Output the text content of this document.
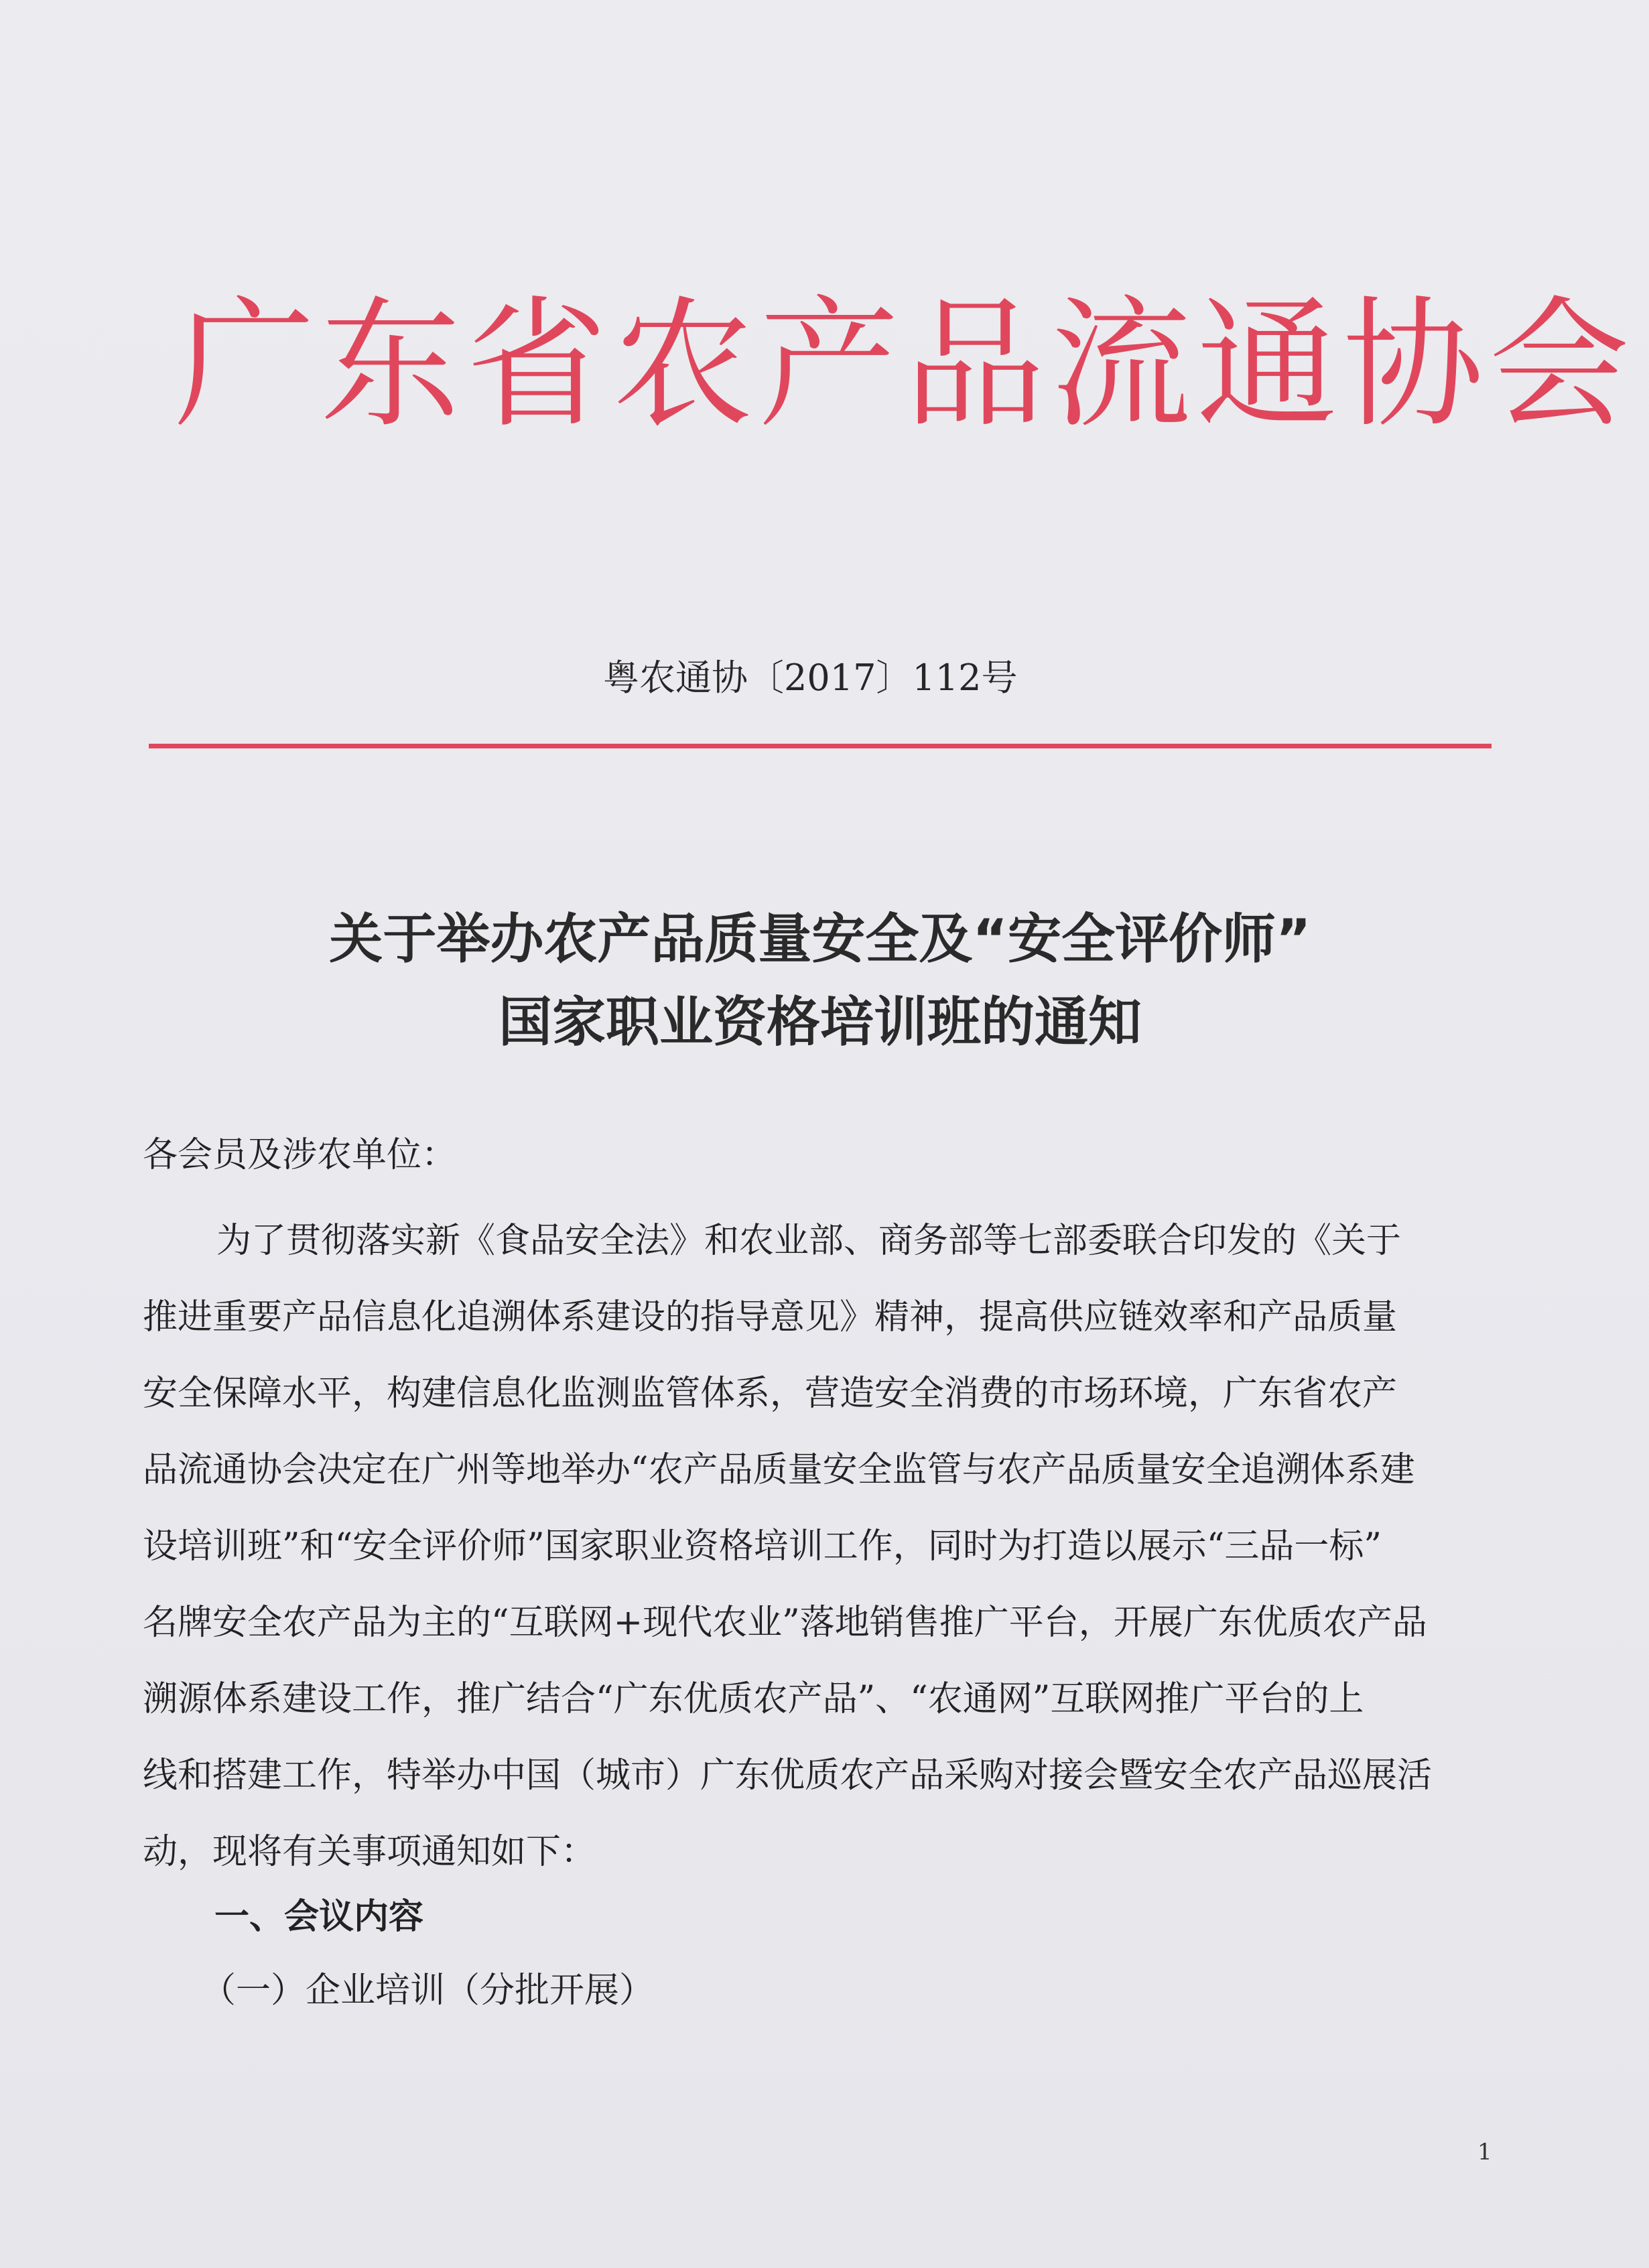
广东省农产品流通协会
粤农通协〔2017〕112号
关于举办农产品质量安全及“安全评价师”
国家职业资格培训班的通知
各会员及涉农单位：
为了贯彻落实新《食品安全法》和农业部、商务部等七部委联合印发的《关于
推进重要产品信息化追溯体系建设的指导意见》精神，提高供应链效率和产品质量
安全保障水平，构建信息化监测监管体系，营造安全消费的市场环境，广东省农产
品流通协会决定在广州等地举办“农产品质量安全监管与农产品质量安全追溯体系建
设培训班”和“安全评价师”国家职业资格培训工作，同时为打造以展示“三品一标”
名牌安全农产品为主的“互联网+现代农业”落地销售推广平台，开展广东优质农产品
溯源体系建设工作，推广结合“广东优质农产品”、“农通网”互联网推广平台的上
线和搭建工作，特举办中国（城市）广东优质农产品采购对接会暨安全农产品巡展活
动，现将有关事项通知如下：
一、会议内容
（一）企业培训（分批开展）
1
